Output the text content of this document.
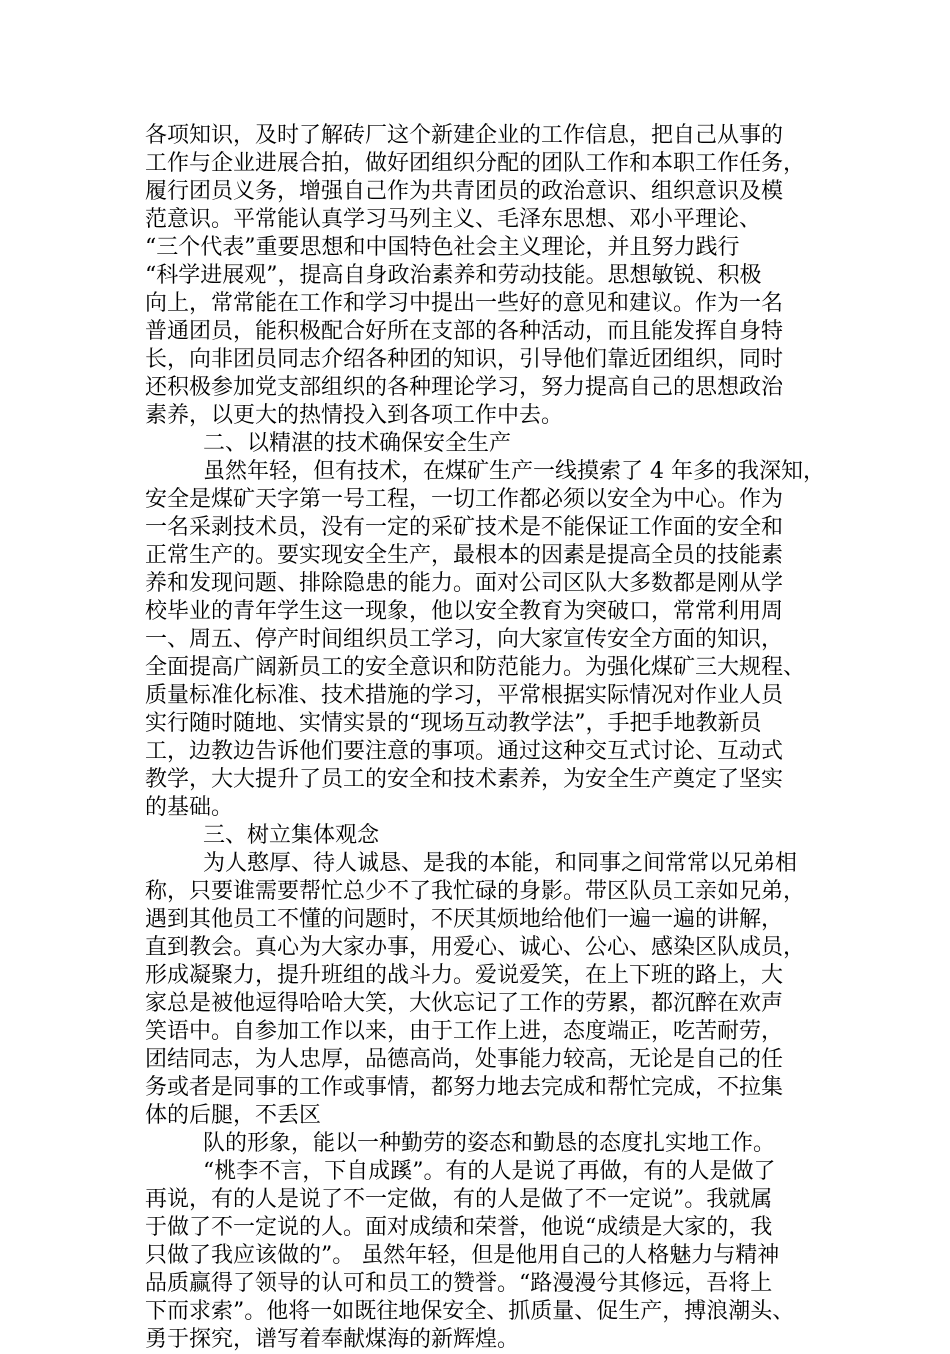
各项知识，及时了解砖厂这个新建企业的工作信息，把自己从事的
工作与企业进展合拍，做好团组织分配的团队工作和本职工作任务，
履行团员义务，增强自己作为共青团员的政治意识、组织意识及模
范意识。平常能认真学习马列主义、毛泽东思想、邓小平理论、
“三个代表”重要思想和中国特色社会主义理论，并且努力践行
“科学进展观”，提高自身政治素养和劳动技能。思想敏锐、积极
向上，常常能在工作和学习中提出一些好的意见和建议。作为一名
普通团员，能积极配合好所在支部的各种活动，而且能发挥自身特
长，向非团员同志介绍各种团的知识，引导他们靠近团组织，同时
还积极参加党支部组织的各种理论学习，努力提高自己的思想政治
素养，以更大的热情投入到各项工作中去。
二、以精湛的技术确保安全生产
虽然年轻，但有技术，在煤矿生产一线摸索了 4 年多的我深知，
安全是煤矿天字第一号工程，一切工作都必须以安全为中心。作为
一名采剥技术员，没有一定的采矿技术是不能保证工作面的安全和
正常生产的。要实现安全生产，最根本的因素是提高全员的技能素
养和发现问题、排除隐患的能力。面对公司区队大多数都是刚从学
校毕业的青年学生这一现象，他以安全教育为突破口，常常利用周
一、周五、停产时间组织员工学习，向大家宣传安全方面的知识，
全面提高广阔新员工的安全意识和防范能力。为强化煤矿三大规程、
质量标准化标准、技术措施的学习，平常根据实际情况对作业人员
实行随时随地、实情实景的“现场互动教学法”，手把手地教新员
工，边教边告诉他们要注意的事项。通过这种交互式讨论、互动式
教学，大大提升了员工的安全和技术素养，为安全生产奠定了坚实
的基础。
三、树立集体观念
为人憨厚、待人诚恳、是我的本能，和同事之间常常以兄弟相
称，只要谁需要帮忙总少不了我忙碌的身影。带区队员工亲如兄弟，
遇到其他员工不懂的问题时，不厌其烦地给他们一遍一遍的讲解，
直到教会。真心为大家办事，用爱心、诚心、公心、感染区队成员，
形成凝聚力，提升班组的战斗力。爱说爱笑，在上下班的路上，大
家总是被他逗得哈哈大笑，大伙忘记了工作的劳累，都沉醉在欢声
笑语中。自参加工作以来，由于工作上进，态度端正，吃苦耐劳，
团结同志，为人忠厚，品德高尚，处事能力较高，无论是自己的任
务或者是同事的工作或事情，都努力地去完成和帮忙完成，不拉集
体的后腿，不丢区
队的形象，能以一种勤劳的姿态和勤恳的态度扎实地工作。
“桃李不言，下自成蹊”。有的人是说了再做，有的人是做了
再说，有的人是说了不一定做，有的人是做了不一定说”。我就属
于做了不一定说的人。面对成绩和荣誉，他说“成绩是大家的，我
只做了我应该做的”。 虽然年轻，但是他用自己的人格魅力与精神
品质赢得了领导的认可和员工的赞誉。“路漫漫兮其修远，吾将上
下而求索”。他将一如既往地保安全、抓质量、促生产，搏浪潮头、
勇于探究，谱写着奉献煤海的新辉煌。
